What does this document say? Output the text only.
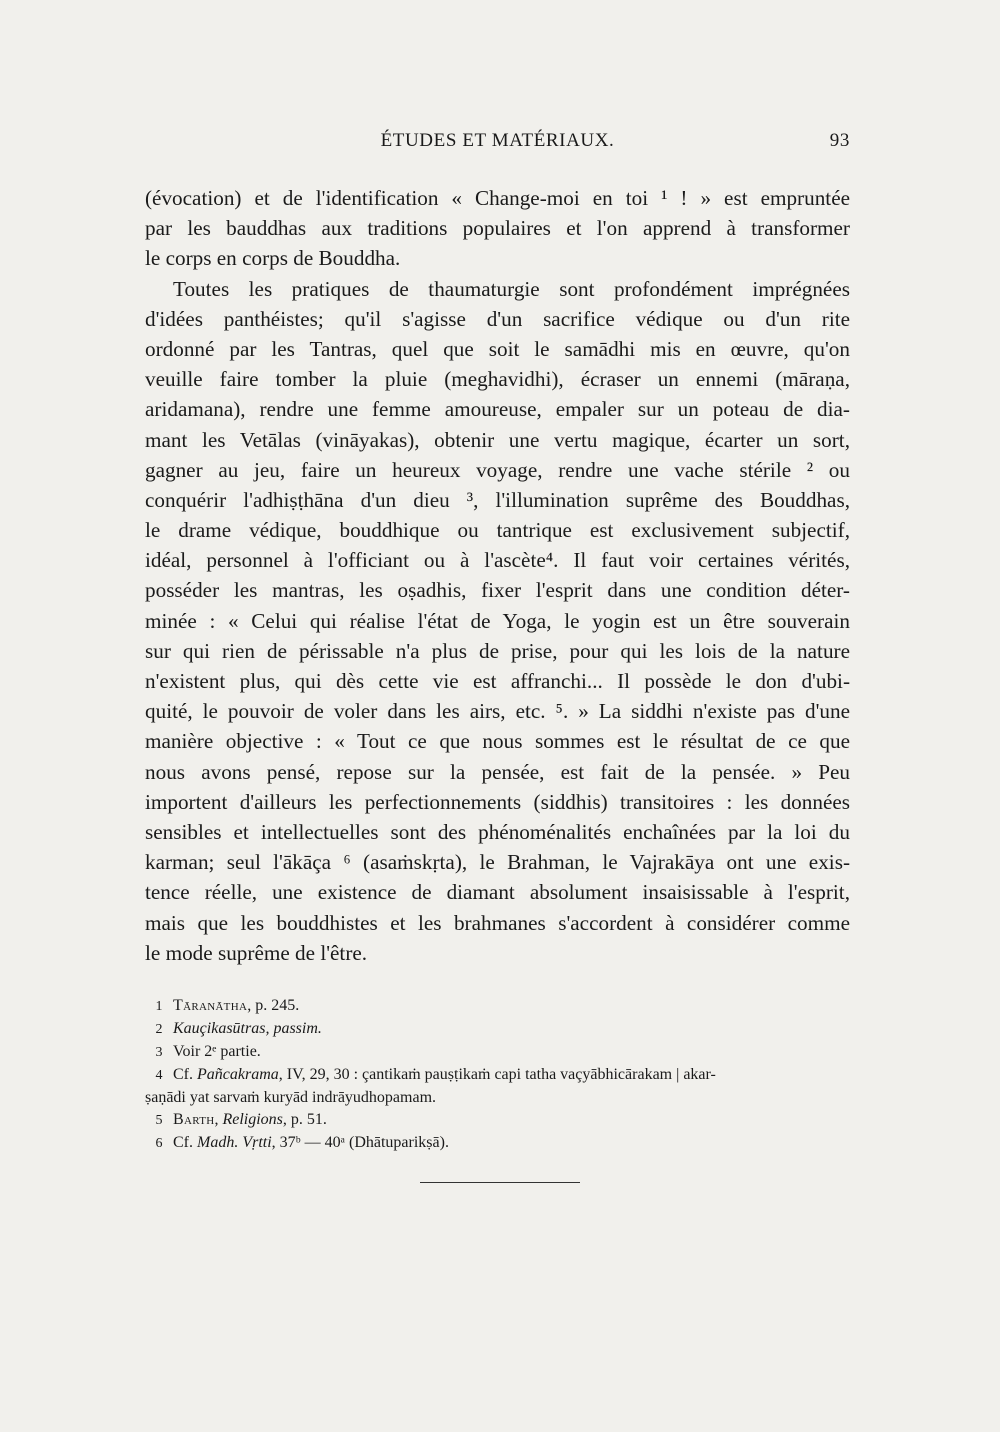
ÉTUDES ET MATÉRIAUX.	93
(évocation) et de l'identification « Change-moi en toi ¹ ! » est empruntée
par les bauddhas aux traditions populaires et l'on apprend à transformer
le corps en corps de Bouddha.
Toutes les pratiques de thaumaturgie sont profondément imprégnées
d'idées panthéistes; qu'il s'agisse d'un sacrifice védique ou d'un rite
ordonné par les Tantras, quel que soit le samādhi mis en œuvre, qu'on
veuille faire tomber la pluie (meghavidhi), écraser un ennemi (māraṇa,
aridamana), rendre une femme amoureuse, empaler sur un poteau de dia-
mant les Vetālas (vināyakas), obtenir une vertu magique, écarter un sort,
gagner au jeu, faire un heureux voyage, rendre une vache stérile ² ou
conquérir l'adhiṣṭhāna d'un dieu ³, l'illumination suprême des Bouddhas,
le drame védique, bouddhique ou tantrique est exclusivement subjectif,
idéal, personnel à l'officiant ou à l'ascète⁴. Il faut voir certaines vérités,
posséder les mantras, les oṣadhis, fixer l'esprit dans une condition déter-
minée : « Celui qui réalise l'état de Yoga, le yogin est un être souverain
sur qui rien de périssable n'a plus de prise, pour qui les lois de la nature
n'existent plus, qui dès cette vie est affranchi... Il possède le don d'ubi-
quité, le pouvoir de voler dans les airs, etc. ⁵. » La siddhi n'existe pas d'une
manière objective : « Tout ce que nous sommes est le résultat de ce que
nous avons pensé, repose sur la pensée, est fait de la pensée. » Peu
importent d'ailleurs les perfectionnements (siddhis) transitoires : les données
sensibles et intellectuelles sont des phénoménalités enchaînées par la loi du
karman; seul l'ākāça ⁶ (asaṁskṛta), le Brahman, le Vajrakāya ont une exis-
tence réelle, une existence de diamant absolument insaisissable à l'esprit,
mais que les bouddhistes et les brahmanes s'accordent à considérer comme
le mode suprême de l'être.
1 Tāranātha, p. 245.
2 Kauçikasūtras, passim.
3 Voir 2ᵉ partie.
4 Cf. Pañcakrama, IV, 29, 30 : çantikaṁ pauṣṭikaṁ capi tatha vaçyābhicārakam | akar-
ṣaṇādi yat sarvaṁ kuryād indrāyudhopamam.
5 Barth, Religions, p. 51.
6 Cf. Madh. Vṛtti, 37ᵇ — 40ᵃ (Dhātuparikṣā).
